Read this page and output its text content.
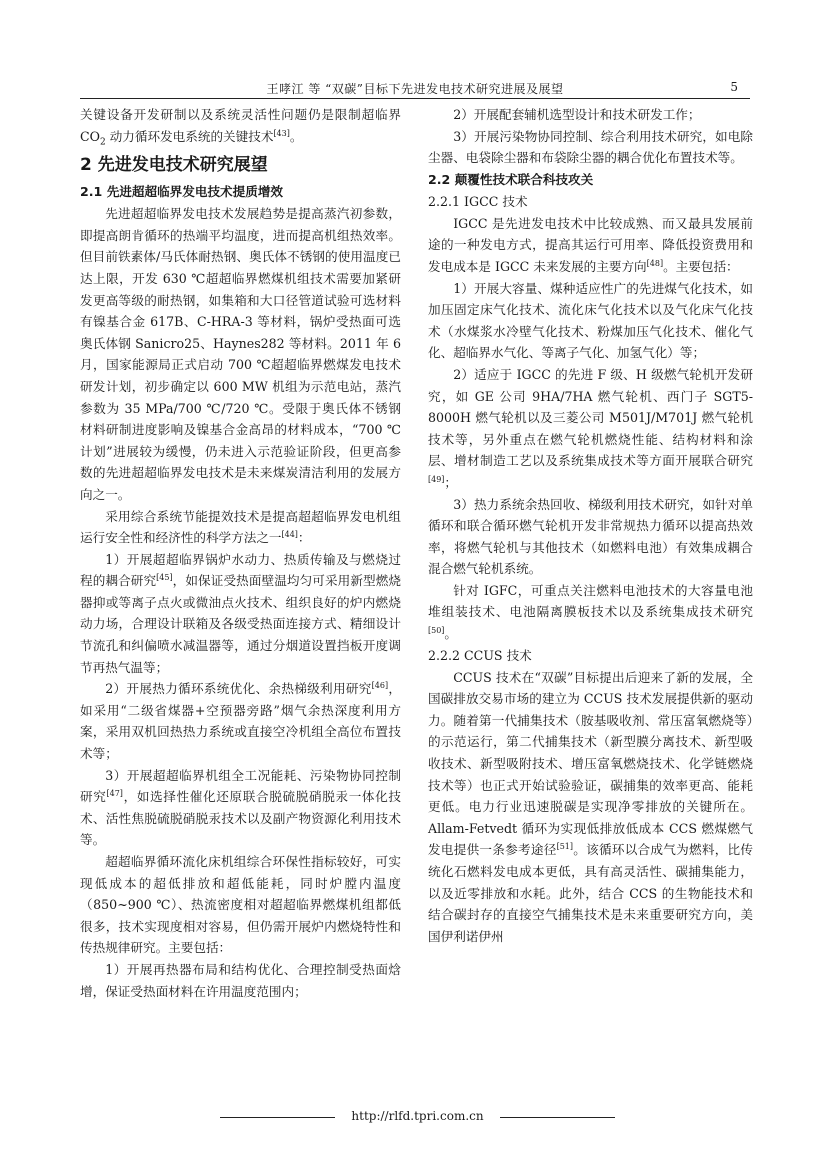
王哮江 等 “双碳”目标下先进发电技术研究进展及展望	5

关键设备开发研制以及系统灵活性问题仍是限制超临界 $CO_2$ 动力循环发电系统的关键技术[43]。

2 先进发电技术研究展望
2.1 先进超超临界发电技术提质增效

先进超超临界发电技术发展趋势是提高蒸汽初参数，即提高朗肯循环的热端平均温度，进而提高机组热效率。但目前铁素体/马氏体耐热钢、奥氏体不锈钢的使用温度已达上限，开发 630 ℃超超临界燃煤机组技术需要加紧研发更高等级的耐热钢，如集箱和大口径管道试验可选材料有镍基合金 617B、C-HRA-3 等材料，锅炉受热面可选奥氏体钢 Sanicro25、Haynes282 等材料。2011 年 6 月，国家能源局正式启动 700 ℃超超临界燃煤发电技术研发计划，初步确定以 600 MW 机组为示范电站，蒸汽参数为 35 MPa/700 ℃/720 ℃。受限于奥氏体不锈钢材料研制进度影响及镍基合金高昂的材料成本，“700 ℃计划”进展较为缓慢，仍未进入示范验证阶段，但更高参数的先进超超临界发电技术是未来煤炭清洁利用的发展方向之一。

采用综合系统节能提效技术是提高超超临界发电机组运行安全性和经济性的科学方法之一[44]：

1）开展超超临界锅炉水动力、热质传输及与燃烧过程的耦合研究[45]，如保证受热面壁温均匀可采用新型燃烧器抑或等离子点火或微油点火技术、组织良好的炉内燃烧动力场，合理设计联箱及各级受热面连接方式、精细设计节流孔和纠偏喷水减温器等，通过分烟道设置挡板开度调节再热气温等；

2）开展热力循环系统优化、余热梯级利用研究[46]，如采用“二级省煤器+空预器旁路”烟气余热深度利用方案，采用双机回热热力系统或直接空冷机组全高位布置技术等；

3）开展超超临界机组全工况能耗、污染物协同控制研究[47]，如选择性催化还原联合脱硫脱硝脱汞一体化技术、活性焦脱硫脱硝脱汞技术以及副产物资源化利用技术等。

超超临界循环流化床机组综合环保性指标较好，可实现低成本的超低排放和超低能耗，同时炉膛内温度（850~900 ℃）、热流密度相对超超临界燃煤机组都低很多，技术实现度相对容易，但仍需开展炉内燃烧特性和传热规律研究。主要包括：

1）开展再热器布局和结构优化、合理控制受热面焓增，保证受热面材料在许用温度范围内；

2）开展配套辅机选型设计和技术研发工作；

3）开展污染物协同控制、综合利用技术研究，如电除尘器、电袋除尘器和布袋除尘器的耦合优化布置技术等。

2.2 颠覆性技术联合科技攻关
2.2.1 IGCC 技术

IGCC 是先进发电技术中比较成熟、而又最具发展前途的一种发电方式，提高其运行可用率、降低投资费用和发电成本是 IGCC 未来发展的主要方向[48]。主要包括：

1）开展大容量、煤种适应性广的先进煤气化技术，如加压固定床气化技术、流化床气化技术以及气化床气化技术（水煤浆水冷壁气化技术、粉煤加压气化技术、催化气化、超临界水气化、等离子气化、加氢气化）等；

2）适应于 IGCC 的先进 F 级、H 级燃气轮机开发研究，如 GE 公司 9HA/7HA 燃气轮机、西门子 SGT5-8000H 燃气轮机以及三菱公司 M501J/M701J 燃气轮机技术等，另外重点在燃气轮机燃烧性能、结构材料和涂层、增材制造工艺以及系统集成技术等方面开展联合研究[49]；

3）热力系统余热回收、梯级利用技术研究，如针对单循环和联合循环燃气轮机开发非常规热力循环以提高热效率，将燃气轮机与其他技术（如燃料电池）有效集成耦合混合燃气轮机系统。

针对 IGFC，可重点关注燃料电池技术的大容量电池堆组装技术、电池隔离膜板技术以及系统集成技术研究[50]。

2.2.2 CCUS 技术

CCUS 技术在“双碳”目标提出后迎来了新的发展，全国碳排放交易市场的建立为 CCUS 技术发展提供新的驱动力。随着第一代捕集技术（胺基吸收剂、常压富氧燃烧等）的示范运行，第二代捕集技术（新型膜分离技术、新型吸收技术、新型吸附技术、增压富氧燃烧技术、化学链燃烧技术等）也正式开始试验验证，碳捕集的效率更高、能耗更低。电力行业迅速脱碳是实现净零排放的关键所在。Allam-Fetvedt 循环为实现低排放低成本 CCS 燃煤燃气发电提供一条参考途径[51]。该循环以合成气为燃料，比传统化石燃料发电成本更低，具有高灵活性、碳捕集能力，以及近零排放和水耗。此外，结合 CCS 的生物能技术和结合碳封存的直接空气捕集技术是未来重要研究方向，美国伊利诺伊州

http://rlfd.tpri.com.cn
